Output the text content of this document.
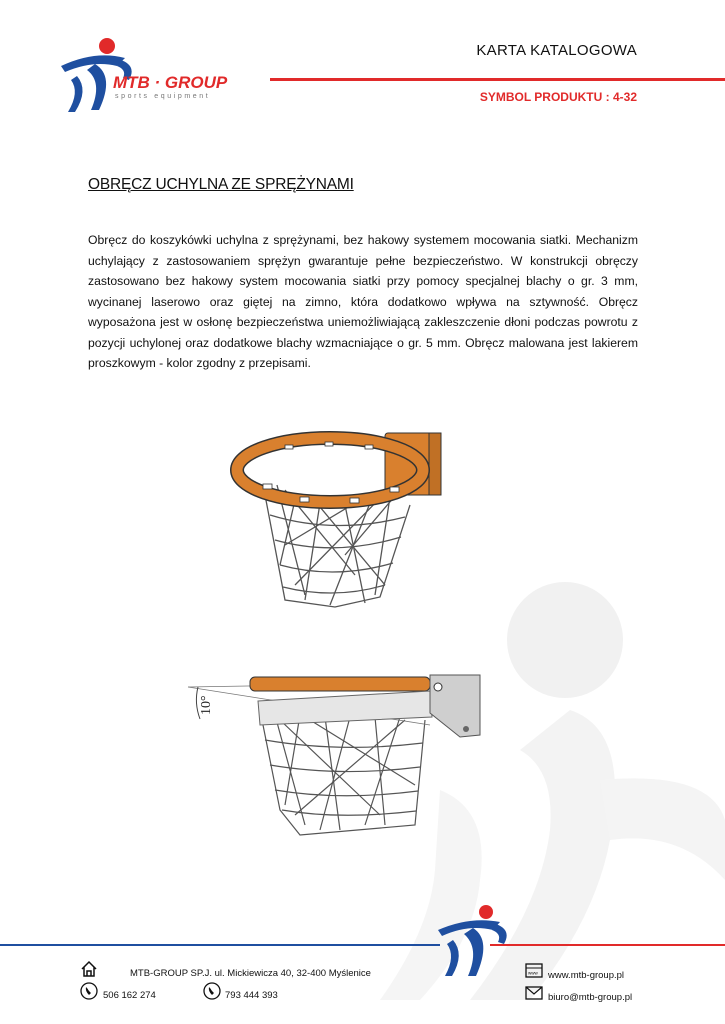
MTB · GROUP
sports equipment
KARTA KATALOGOWA
SYMBOL PRODUKTU : 4-32
OBRĘCZ UCHYLNA ZE SPRĘŻYNAMI
Obręcz do koszykówki uchylna z sprężynami, bez hakowy systemem mocowania siatki. Mechanizm uchylający z zastosowaniem sprężyn gwarantuje pełne bezpieczeństwo. W konstrukcji obręczy zastosowano bez hakowy system mocowania siatki przy pomocy specjalnej blachy o gr. 3 mm, wycinanej laserowo oraz giętej na zimno, która dodatkowo wpływa na sztywność. Obręcz wyposażona jest w osłonę bezpieczeństwa uniemożliwiającą zakleszczenie dłoni podczas powrotu z pozycji uchylonej oraz dodatkowe blachy wzmacniające o gr. 5 mm. Obręcz malowana jest lakierem proszkowym - kolor zgodny z przepisami.
10°
MTB-GROUP SP.J. ul. Mickiewicza 40, 32-400 Myślenice
506 162 274	793 444 393
www www.mtb-group.pl
biuro@mtb-group.pl
